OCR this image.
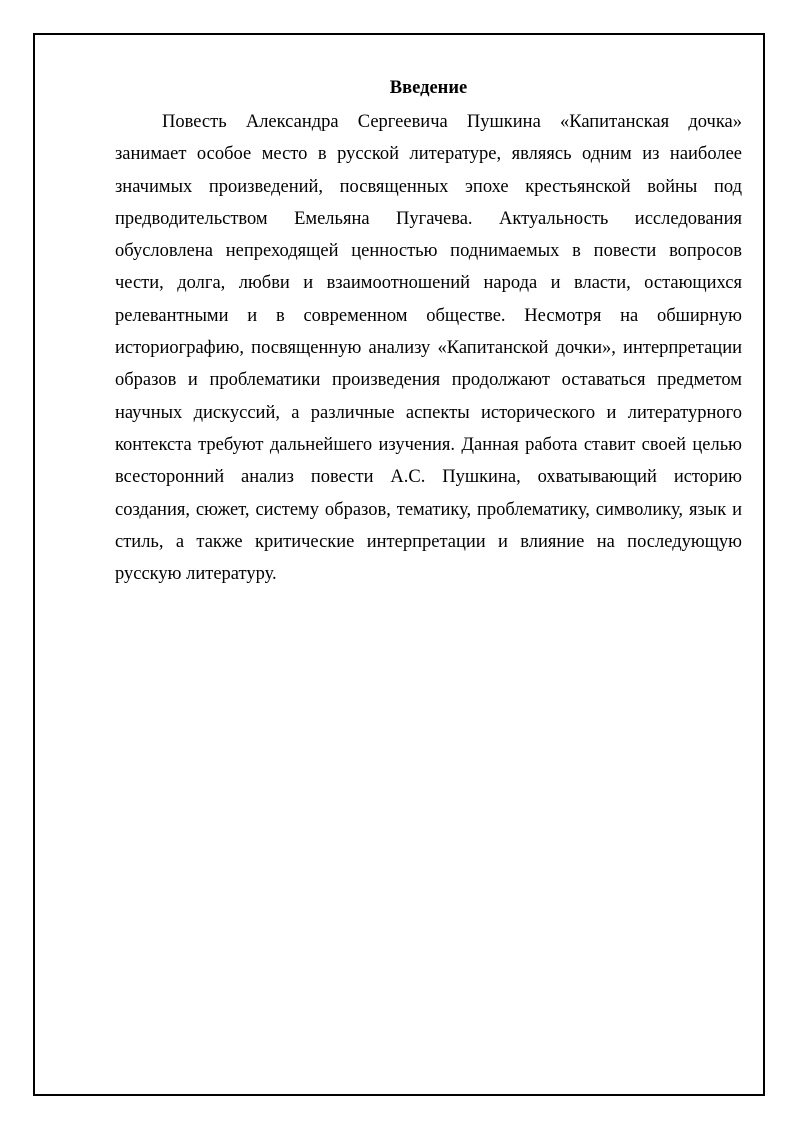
Введение

Повесть Александра Сергеевича Пушкина «Капитанская дочка» занимает особое место в русской литературе, являясь одним из наиболее значимых произведений, посвященных эпохе крестьянской войны под предводительством Емельяна Пугачева. Актуальность исследования обусловлена непреходящей ценностью поднимаемых в повести вопросов чести, долга, любви и взаимоотношений народа и власти, остающихся релевантными и в современном обществе. Несмотря на обширную историографию, посвященную анализу «Капитанской дочки», интерпретации образов и проблематики произведения продолжают оставаться предметом научных дискуссий, а различные аспекты исторического и литературного контекста требуют дальнейшего изучения. Данная работа ставит своей целью всесторонний анализ повести А.С. Пушкина, охватывающий историю создания, сюжет, систему образов, тематику, проблематику, символику, язык и стиль, а также критические интерпретации и влияние на последующую русскую литературу.
